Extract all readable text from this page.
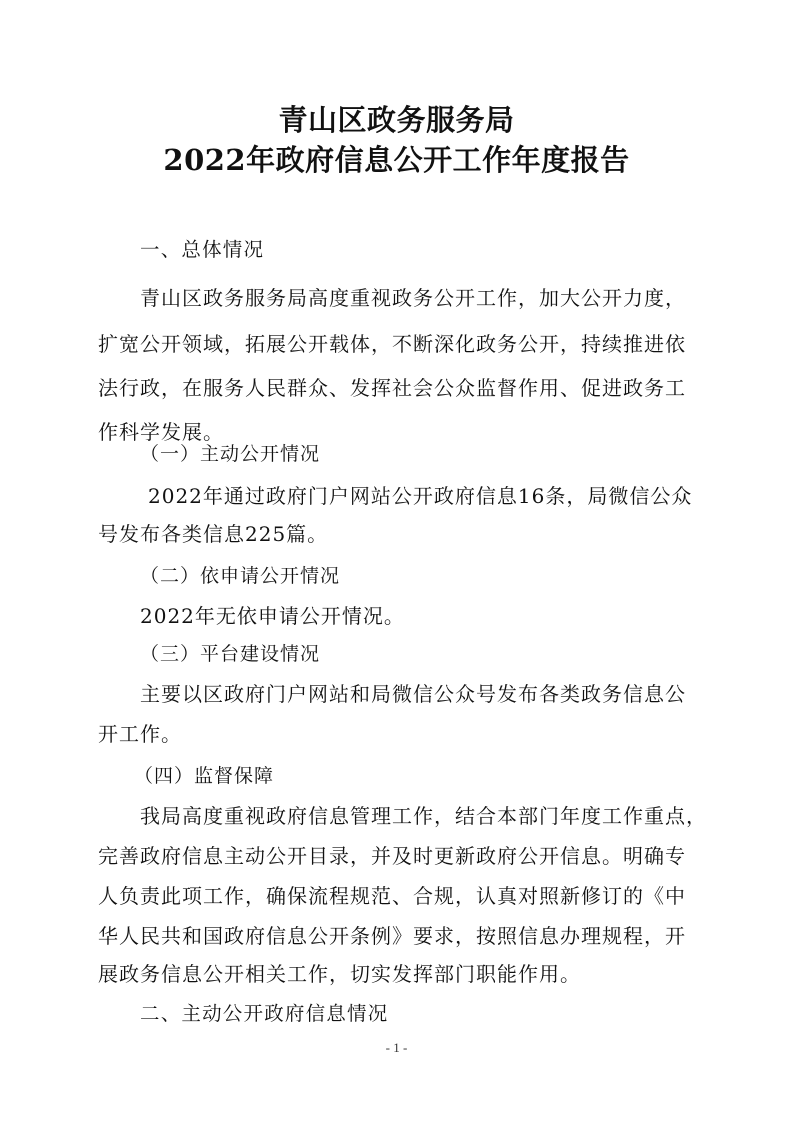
青山区政务服务局
2022年政府信息公开工作年度报告
一、总体情况
青山区政务服务局高度重视政务公开工作，加大公开力度，
扩宽公开领域，拓展公开载体，不断深化政务公开，持续推进依
法行政，在服务人民群众、发挥社会公众监督作用、促进政务工
作科学发展。
（一）主动公开情况
2022年通过政府门户网站公开政府信息16条，局微信公众
号发布各类信息225篇。
（二）依申请公开情况
2022年无依申请公开情况。
（三）平台建设情况
主要以区政府门户网站和局微信公众号发布各类政务信息公
开工作。
（四）监督保障
我局高度重视政府信息管理工作，结合本部门年度工作重点，
完善政府信息主动公开目录，并及时更新政府公开信息。明确专
人负责此项工作，确保流程规范、合规，认真对照新修订的《中
华人民共和国政府信息公开条例》要求，按照信息办理规程，开
展政务信息公开相关工作，切实发挥部门职能作用。
二、主动公开政府信息情况
- 1 -
